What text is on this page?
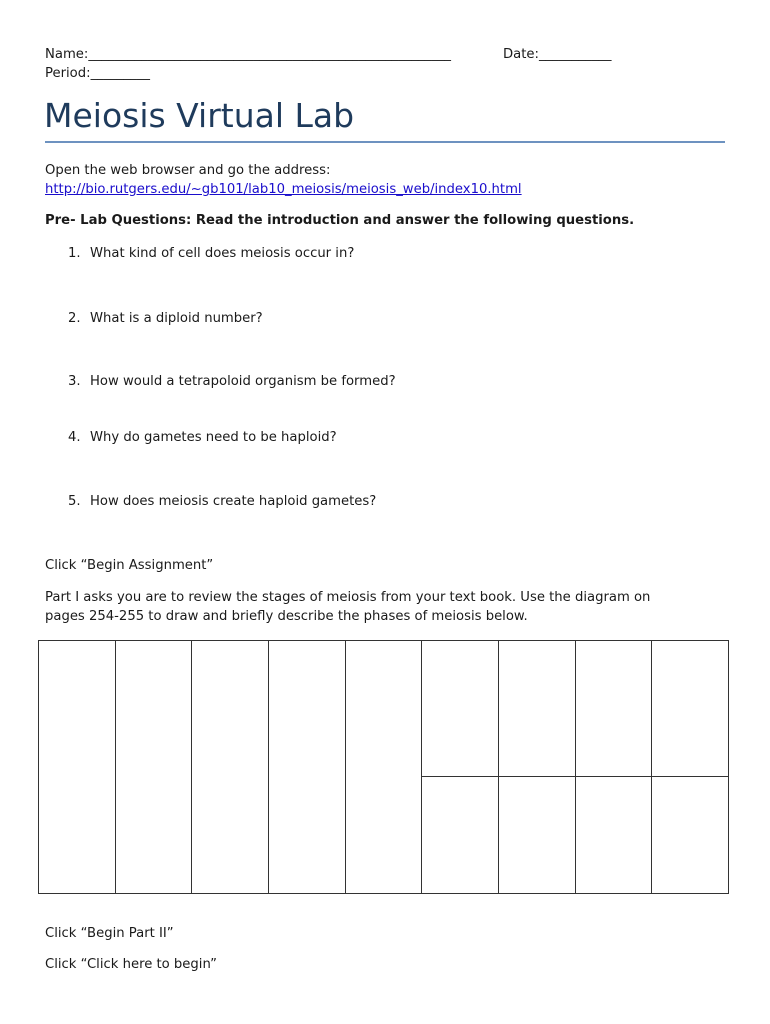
Name:_______________________________________________________	Date:___________
Period:_________
Meiosis Virtual Lab
Open the web browser and go the address:
http://bio.rutgers.edu/~gb101/lab10_meiosis/meiosis_web/index10.html
Pre- Lab Questions: Read the introduction and answer the following questions.
1. What kind of cell does meiosis occur in?
2. What is a diploid number?
3. How would a tetrapoloid organism be formed?
4. Why do gametes need to be haploid?
5. How does meiosis create haploid gametes?
Click “Begin Assignment”
Part I asks you are to review the stages of meiosis from your text book. Use the diagram on
pages 254-255 to draw and briefly describe the phases of meiosis below.

Click “Begin Part II”
Click “Click here to begin”
